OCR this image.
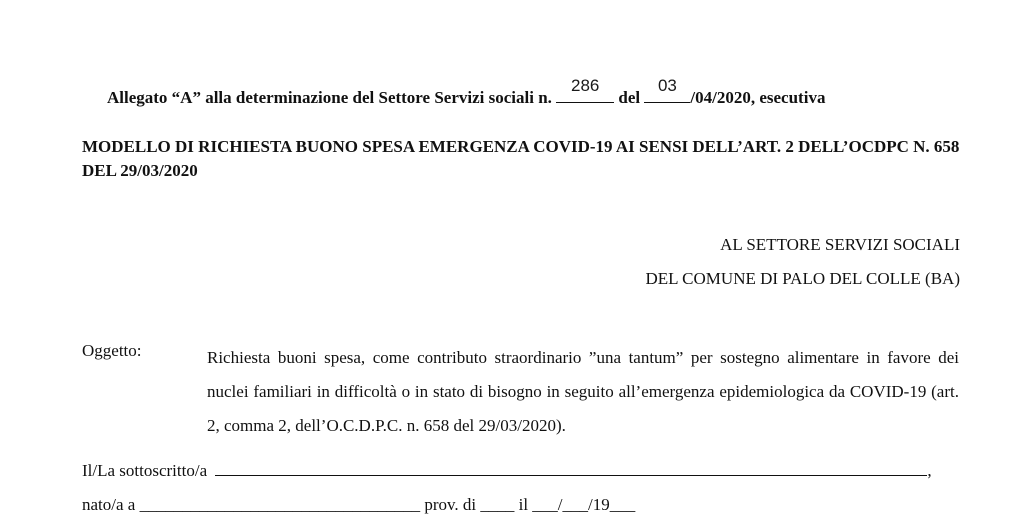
Allegato “A” alla determinazione del Settore Servizi sociali n.
286
del
03
/04/2020, esecutiva
MODELLO DI RICHIESTA BUONO SPESA EMERGENZA COVID-19 AI SENSI DELL’ART. 2 DELL’OCDPC N. 658 DEL 29/03/2020
AL SETTORE SERVIZI SOCIALI
DEL COMUNE DI PALO DEL COLLE (BA)
Oggetto:	Richiesta buoni spesa, come contributo straordinario ”una tantum” per sostegno alimentare in favore dei nuclei familiari in difficoltà o in stato di bisogno in seguito all’emergenza epidemiologica da COVID-19 (art. 2, comma 2, dell’O.C.D.P.C. n. 658 del 29/03/2020).
Il/La sottoscritto/a	,
nato/a a _________________________________ prov. di ____ il ___/___/19___
